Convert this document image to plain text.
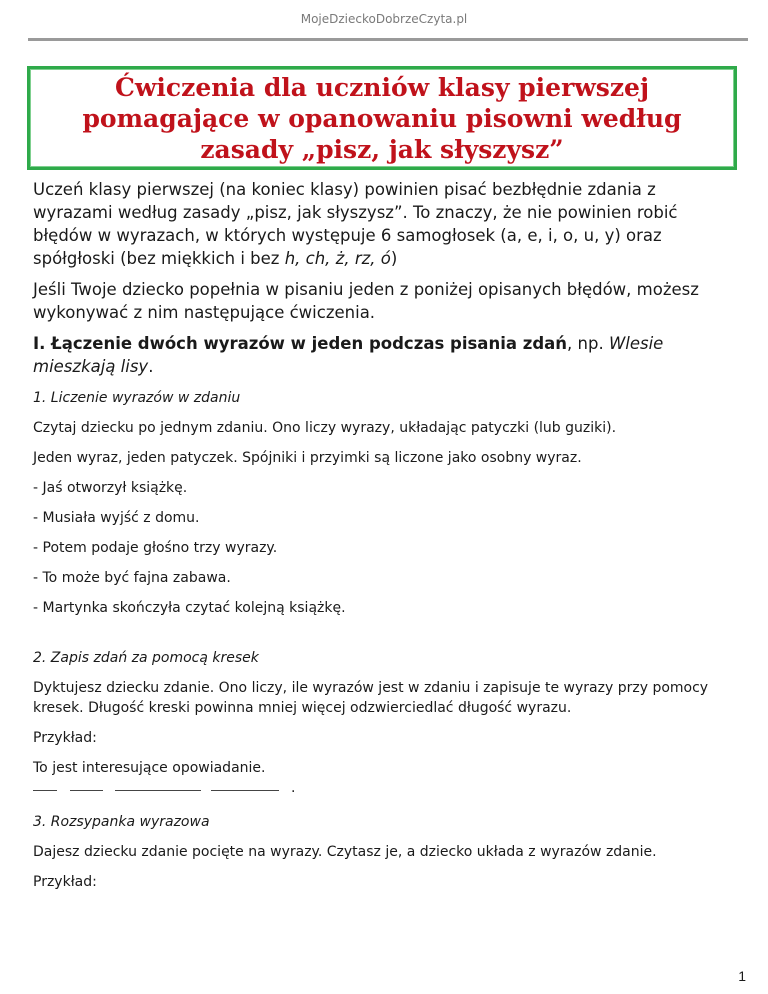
MojeDzieckoDobrzeCzyta.pl
Ćwiczenia dla uczniów klasy pierwszej
pomagające w opanowaniu pisowni według
zasady „pisz, jak słyszysz”

Uczeń klasy pierwszej (na koniec klasy) powinien pisać bezbłędnie zdania z wyrazami według zasady „pisz, jak słyszysz”. To znaczy, że nie powinien robić błędów w wyrazach, w których występuje 6 samogłosek (a, e, i, o, u, y) oraz spółgłoski (bez miękkich i bez h, ch, ż, rz, ó)

Jeśli Twoje dziecko popełnia w pisaniu jeden z poniżej opisanych błędów, możesz wykonywać z nim następujące ćwiczenia.

I. Łączenie dwóch wyrazów w jeden podczas pisania zdań, np. Wlesie mieszkają lisy.

1. Liczenie wyrazów w zdaniu

Czytaj dziecku po jednym zdaniu. Ono liczy wyrazy, układając patyczki (lub guziki).

Jeden wyraz, jeden patyczek. Spójniki i przyimki są liczone jako osobny wyraz.

- Jaś otworzył książkę.

- Musiała wyjść z domu.

- Potem podaje głośno trzy wyrazy.

- To może być fajna zabawa.

- Martynka skończyła czytać kolejną książkę.

2. Zapis zdań za pomocą kresek

Dyktujesz dziecku zdanie. Ono liczy, ile wyrazów jest w zdaniu i zapisuje te wyrazy przy pomocy kresek. Długość kreski powinna mniej więcej odzwierciedlać długość wyrazu.

Przykład:

To jest interesujące opowiadanie.

.

3. Rozsypanka wyrazowa

Dajesz dziecku zdanie pocięte na wyrazy. Czytasz je, a dziecko układa z wyrazów zdanie.

Przykład:

1
